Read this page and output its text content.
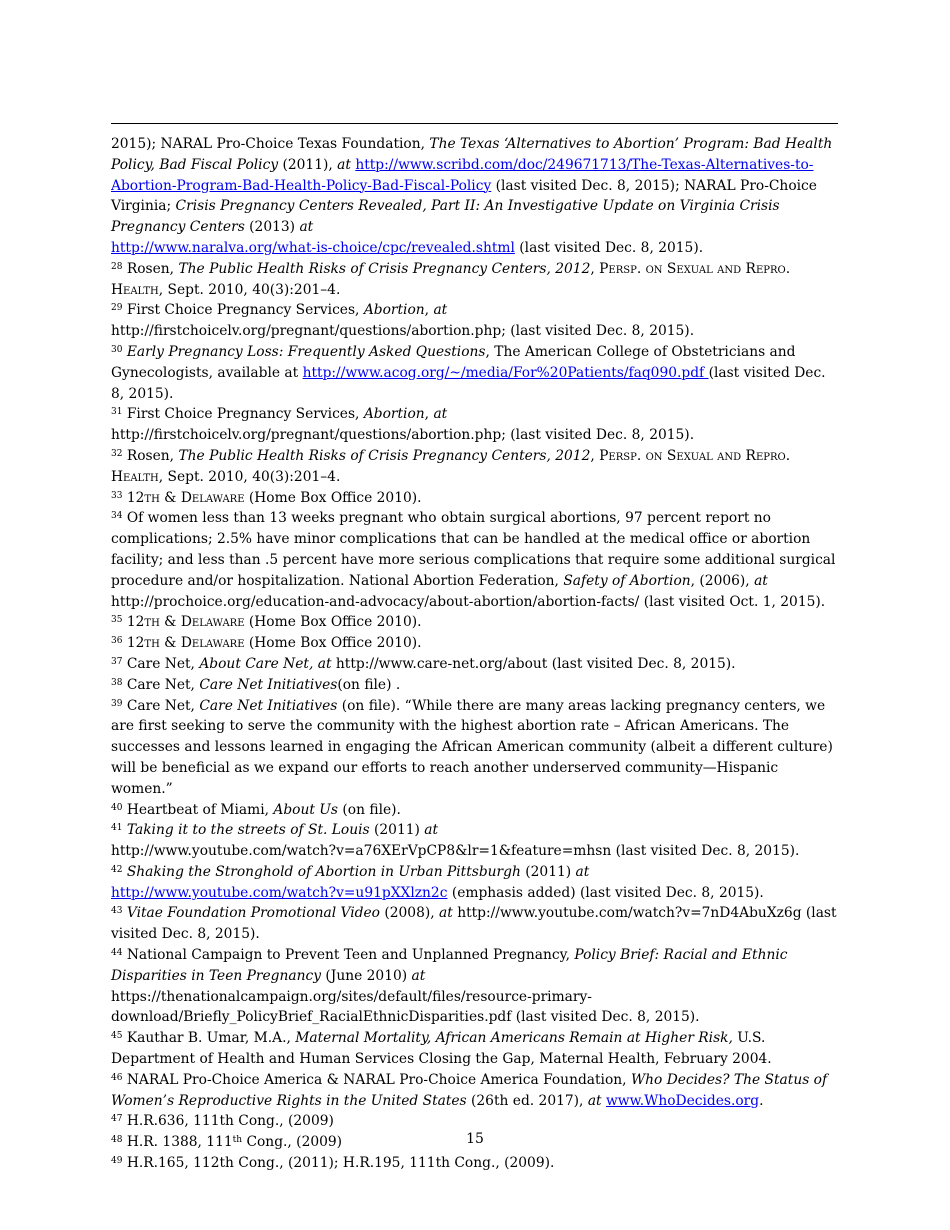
2015); NARAL Pro-Choice Texas Foundation, The Texas ‘Alternatives to Abortion’ Program: Bad Health Policy, Bad Fiscal Policy (2011), at http://www.scribd.com/doc/249671713/The-Texas-Alternatives-to-Abortion-Program-Bad-Health-Policy-Bad-Fiscal-Policy (last visited Dec. 8, 2015); NARAL Pro-Choice Virginia; Crisis Pregnancy Centers Revealed, Part II: An Investigative Update on Virginia Crisis Pregnancy Centers (2013) at
http://www.naralva.org/what-is-choice/cpc/revealed.shtml (last visited Dec. 8, 2015).

$^{28}$ Rosen, The Public Health Risks of Crisis Pregnancy Centers, 2012, Persp. on Sexual and Repro. Health, Sept. 2010, 40(3):201–4.

$^{29}$ First Choice Pregnancy Services, Abortion, at http://firstchoicelv.org/pregnant/questions/abortion.php; (last visited Dec. 8, 2015).

$^{30}$ Early Pregnancy Loss: Frequently Asked Questions, The American College of Obstetricians and Gynecologists, available at http://www.acog.org/~/media/For%20Patients/faq090.pdf (last visited Dec. 8, 2015).

$^{31}$ First Choice Pregnancy Services, Abortion, at http://firstchoicelv.org/pregnant/questions/abortion.php; (last visited Dec. 8, 2015).

$^{32}$ Rosen, The Public Health Risks of Crisis Pregnancy Centers, 2012, Persp. on Sexual and Repro. Health, Sept. 2010, 40(3):201–4.

$^{33}$ 12th & Delaware (Home Box Office 2010).

$^{34}$ Of women less than 13 weeks pregnant who obtain surgical abortions, 97 percent report no complications; 2.5% have minor complications that can be handled at the medical office or abortion facility; and less than .5 percent have more serious complications that require some additional surgical procedure and/or hospitalization. National Abortion Federation, Safety of Abortion, (2006), at
http://prochoice.org/education-and-advocacy/about-abortion/abortion-facts/ (last visited Oct. 1, 2015).

$^{35}$ 12th & Delaware (Home Box Office 2010).

$^{36}$ 12th & Delaware (Home Box Office 2010).

$^{37}$ Care Net, About Care Net, at http://www.care-net.org/about (last visited Dec. 8, 2015).

$^{38}$ Care Net, Care Net Initiatives(on file) .

$^{39}$ Care Net, Care Net Initiatives (on file). “While there are many areas lacking pregnancy centers, we are first seeking to serve the community with the highest abortion rate – African Americans. The successes and lessons learned in engaging the African American community (albeit a different culture) will be beneficial as we expand our efforts to reach another underserved community—Hispanic women.”

$^{40}$ Heartbeat of Miami, About Us (on file).

$^{41}$ Taking it to the streets of St. Louis (2011) at
http://www.youtube.com/watch?v=a76XErVpCP8&lr=1&feature=mhsn (last visited Dec. 8, 2015).

$^{42}$ Shaking the Stronghold of Abortion in Urban Pittsburgh (2011) at
http://www.youtube.com/watch?v=u91pXXlzn2c (emphasis added) (last visited Dec. 8, 2015).

$^{43}$ Vitae Foundation Promotional Video (2008), at http://www.youtube.com/watch?v=7nD4AbuXz6g (last visited Dec. 8, 2015).

$^{44}$ National Campaign to Prevent Teen and Unplanned Pregnancy, Policy Brief: Racial and Ethnic Disparities in Teen Pregnancy (June 2010) at https://thenationalcampaign.org/sites/default/files/resource-primary-download/Briefly_PolicyBrief_RacialEthnicDisparities.pdf (last visited Dec. 8, 2015).

$^{45}$ Kauthar B. Umar, M.A., Maternal Mortality, African Americans Remain at Higher Risk, U.S. Department of Health and Human Services Closing the Gap, Maternal Health, February 2004.

$^{46}$ NARAL Pro-Choice America & NARAL Pro-Choice America Foundation, Who Decides? The Status of Women’s Reproductive Rights in the United States (26th ed. 2017), at www.WhoDecides.org.

$^{47}$ H.R.636, 111th Cong., (2009)

$^{48}$ H.R. 1388, 111th Cong., (2009)

$^{49}$ H.R.165, 112th Cong., (2011); H.R.195, 111th Cong., (2009).

15
